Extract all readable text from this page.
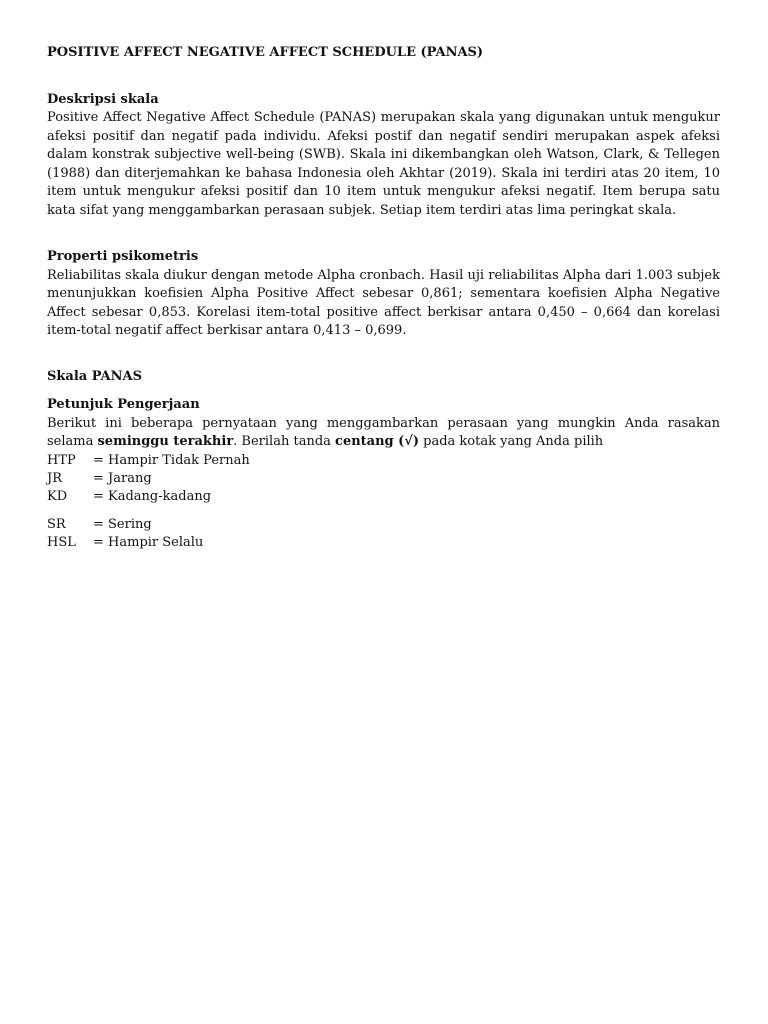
POSITIVE AFFECT NEGATIVE AFFECT SCHEDULE (PANAS)

Deskripsi skala

Positive Affect Negative Affect Schedule (PANAS) merupakan skala yang digunakan untuk mengukur afeksi positif dan negatif pada individu. Afeksi postif dan negatif sendiri merupakan aspek afeksi dalam konstrak subjective well-being (SWB). Skala ini dikembangkan oleh Watson, Clark, & Tellegen (1988) dan diterjemahkan ke bahasa Indonesia oleh Akhtar (2019). Skala ini terdiri atas 20 item, 10 item untuk mengukur afeksi positif dan 10 item untuk mengukur afeksi negatif. Item berupa satu kata sifat yang menggambarkan perasaan subjek. Setiap item terdiri atas lima peringkat skala.

Properti psikometris

Reliabilitas skala diukur dengan metode Alpha cronbach. Hasil uji reliabilitas Alpha dari 1.003 subjek menunjukkan koefisien Alpha Positive Affect sebesar 0,861; sementara koefisien Alpha Negative Affect sebesar 0,853. Korelasi item-total positive affect berkisar antara 0,450 – 0,664 dan korelasi item-total negatif affect berkisar antara 0,413 – 0,699.

Skala PANAS

Petunjuk Pengerjaan

Berikut ini beberapa pernyataan yang menggambarkan perasaan yang mungkin Anda rasakan selama seminggu terakhir. Berilah tanda centang (√) pada kotak yang Anda pilih

HTP	= Hampir Tidak Pernah
JR	= Jarang
KD	= Kadang-kadang
SR	= Sering
HSL	= Hampir Selalu
